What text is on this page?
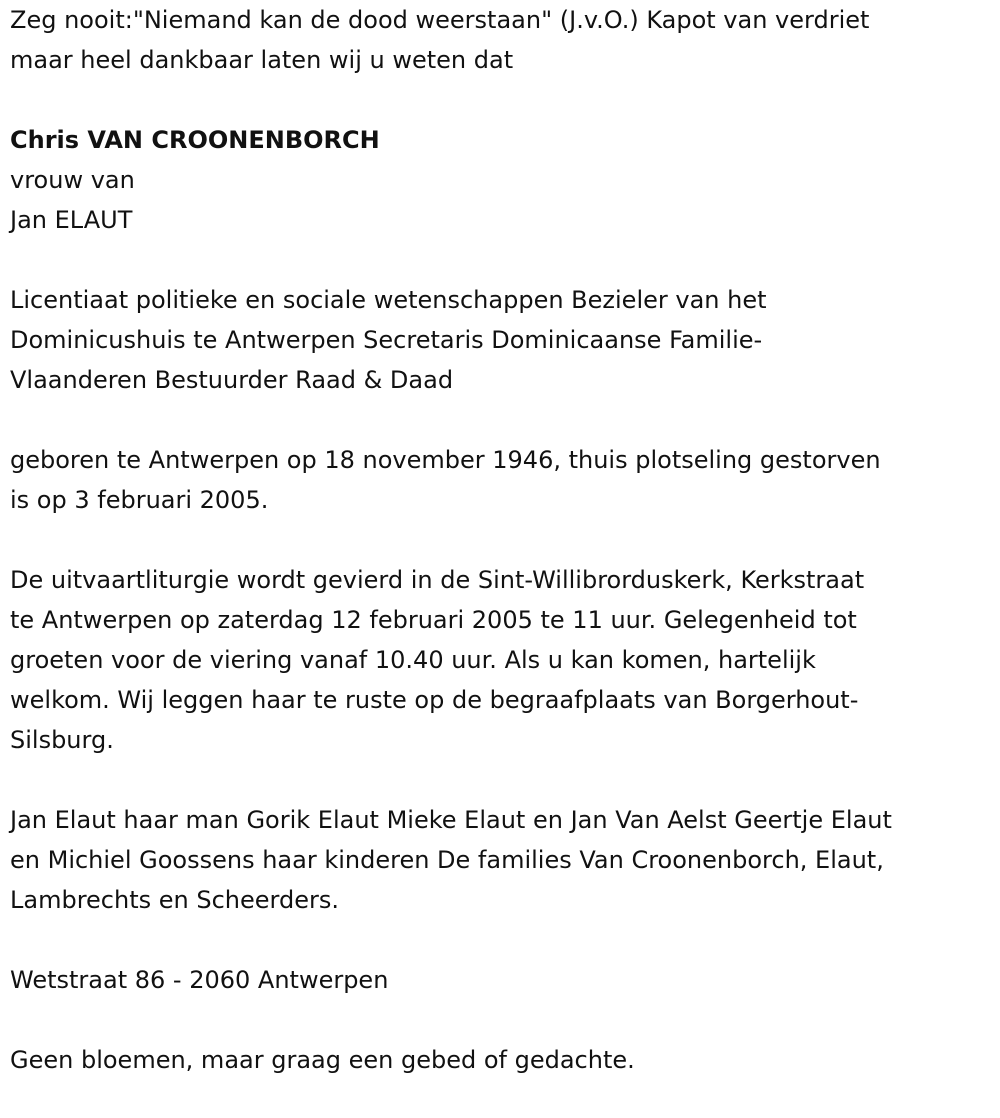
Zeg nooit:"Niemand kan de dood weerstaan" (J.v.O.) Kapot van verdriet

maar heel dankbaar laten wij u weten dat

Chris VAN CROONENBORCH

vrouw van

Jan ELAUT

Licentiaat politieke en sociale wetenschappen Bezieler van het

Dominicushuis te Antwerpen Secretaris Dominicaanse Familie-

Vlaanderen Bestuurder Raad & Daad

geboren te Antwerpen op 18 november 1946, thuis plotseling gestorven

is op 3 februari 2005.

De uitvaartliturgie wordt gevierd in de Sint-Willibrorduskerk, Kerkstraat

te Antwerpen op zaterdag 12 februari 2005 te 11 uur. Gelegenheid tot

groeten voor de viering vanaf 10.40 uur. Als u kan komen, hartelijk

welkom. Wij leggen haar te ruste op de begraafplaats van Borgerhout-

Silsburg.

Jan Elaut haar man Gorik Elaut Mieke Elaut en Jan Van Aelst Geertje Elaut

en Michiel Goossens haar kinderen De families Van Croonenborch, Elaut,

Lambrechts en Scheerders.

Wetstraat 86 - 2060 Antwerpen

Geen bloemen, maar graag een gebed of gedachte.
